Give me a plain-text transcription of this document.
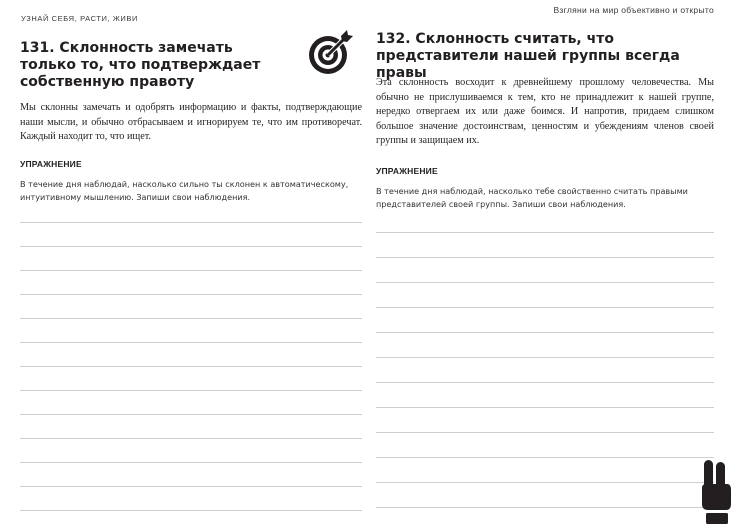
УЗНАЙ СЕБЯ, РАСТИ, ЖИВИ
131. Склонность замечать только то, что подтверждает собственную правоту

Мы склонны замечать и одобрять информацию и факты, подтверждающие наши мысли, и обычно отбрасываем и игнорируем те, что им противоречат. Каждый находит то, что ищет.

УПРАЖНЕНИЕ

В течение дня наблюдай, насколько сильно ты склонен к автоматическому, интуитивному мышлению. Запиши свои наблюдения.

Взгляни на мир объективно и открыто
132. Склонность считать, что представители нашей группы всегда правы

Эта склонность восходит к древнейшему прошлому человечества. Мы обычно не прислушиваемся к тем, кто не принадлежит к нашей группе, нередко отвергаем их или даже боимся. И напротив, придаем слишком большое значение достоинствам, ценностям и убеждениям членов своей группы и защищаем их.

УПРАЖНЕНИЕ

В течение дня наблюдай, насколько тебе свойственно считать правыми представителей своей группы. Запиши свои наблюдения.
